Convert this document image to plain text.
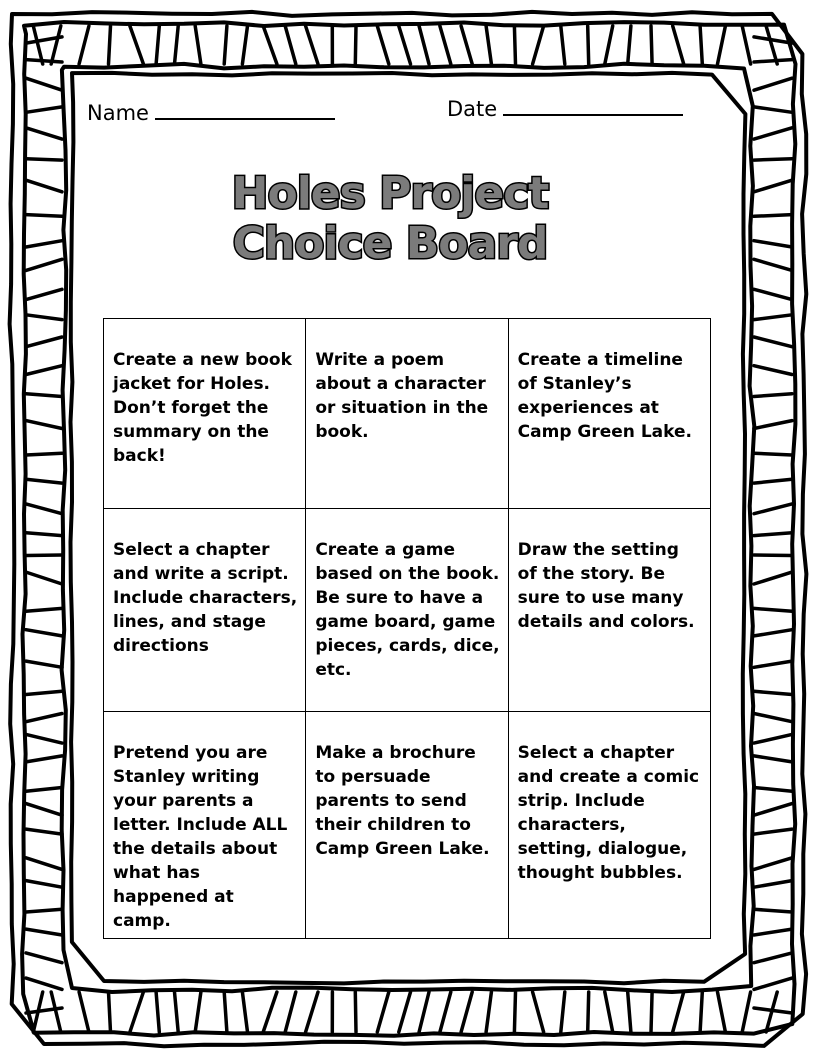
Name	Date
Holes Project
Choice Board
Create a new book jacket for Holes. Don’t forget the summary on the back!	Write a poem about a character or situation in the book.	Create a timeline of Stanley’s experiences at Camp Green Lake.
Select a chapter and write a script. Include characters, lines, and stage directions	Create a game based on the book. Be sure to have a game board, game pieces, cards, dice, etc.	Draw the setting of the story. Be sure to use many details and colors.
Pretend you are Stanley writing your parents a letter. Include ALL the details about what has happened at camp.	Make a brochure to persuade parents to send their children to Camp Green Lake.	Select a chapter and create a comic strip. Include characters, setting, dialogue, thought bubbles.
